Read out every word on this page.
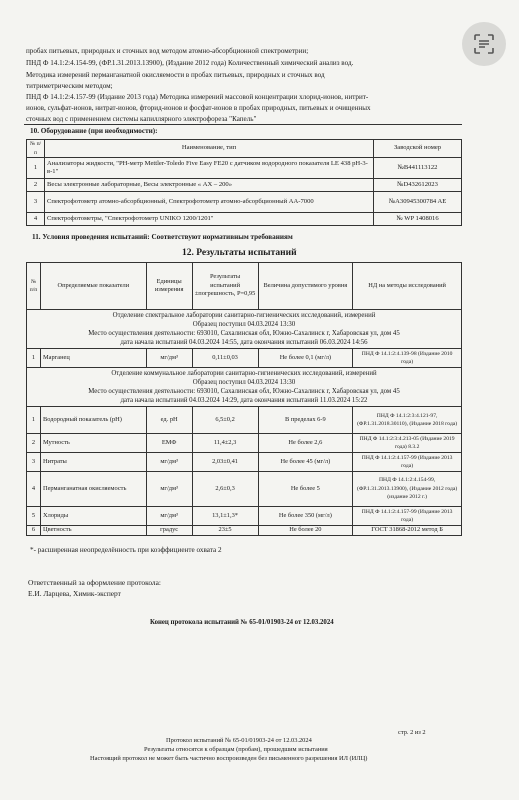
пробах питьевых, природных и сточных вод методом атомно-абсорбционной спектрометрии;
ПНД Ф 14.1:2:4.154-99, (ФР.1.31.2013.13900), (Издание 2012 года) Количественный химический анализ вод.
Методика измерений перманганатной окисляемости в пробах питьевых, природных и сточных вод
титриметрическим методом;
ПНД Ф 14.1:2:4.157-99 (Издание 2013 года) Методика измерений массовой концентрации хлорид-ионов, нитрит-
ионов, сульфат-ионов, нитрат-ионов, фторид-ионов и фосфат-ионов в пробах природных, питьевых и очищенных
сточных вод с применением системы капиллярного электрофореза "Капель"
10. Оборудование (при необходимости):
№ п/п	Наименование, тип	Заводской номер
1	Анализаторы жидкости, "PH-метр Mettler-Toledo Five Easy FE20 с датчиком водородного показателя LE 438 pH-3-в-1"	№B441113122
2	Весы электронные лабораторные, Весы электронные « AX – 200»	№D432612023
3	Спектрофотометр атомно-абсорбционный, Спектрофотометр атомно-абсорбционный АА-7000	№A30945300784 AE
4	Спектрофотометры, "Спектрофотометр UNIKO 1200/1201"	№ WP 1408016
11. Условия проведения испытаний: Соответствуют нормативным требованиям
12. Результаты испытаний
№ п/п	Определяемые показатели	Единицы измерения	Результаты испытаний ±погрешность, P=0,95	Величина допустимого уровня	НД на методы исследований

Отделение спектральное лаборатории санитарно-гигиенических исследований, измерений
Образец поступил 04.03.2024 13:30
Место осуществления деятельности: 693010, Сахалинская обл, Южно-Сахалинск г, Хабаровская ул, дом 45
дата начала испытаний 04.03.2024 14:55, дата окончания испытаний 06.03.2024 14:56					

1	Марганец	мг/дм³	0,11±0,03	Не более 0,1 (мг/л)	ПНД Ф 14.1:2:4.139-98 (Издание 2010 года)

Отделение коммунальное лаборатории санитарно-гигиенических исследований, измерений
Образец поступил 04.03.2024 13:30
Место осуществления деятельности: 693010, Сахалинская обл, Южно-Сахалинск г, Хабаровская ул, дом 45
дата начала испытаний 04.03.2024 14:29, дата окончания испытаний 11.03.2024 15:22					

1	Водородный показатель (pH)	ед. pH	6,5±0,2	В пределах 6-9	ПНД Ф 14.1:2:3:4.121-97, (ФР.1.31.2018.30110), (Издание 2018 года)
2	Мутность	ЕМФ	11,4±2,3	Не более 2,6	ПНД Ф 14.1:2:3:4.213-05 (Издание 2019 года) 8.3.2
3	Нитраты	мг/дм³	2,03±0,41	Не более 45 (мг/л)	ПНД Ф 14.1:2:4.157-99 (Издание 2013 года)
4	Перманганатная окисляемость	мг/дм³	2,6±0,3	Не более 5	ПНД Ф 14.1:2:4.154-99, (ФР.1.31.2013.13900), (Издание 2012 года) (издание 2012 г.)
5	Хлориды	мг/дм³	13,1±1,3*	Не более 350 (мг/л)	ПНД Ф 14.1:2:4.157-99 (Издание 2013 года)
6	Цветность	градус	23±5	Не более 20	ГОСТ 31868-2012 метод Б
*- расширенная неопределённость при коэффициенте охвата 2
Ответственный за оформление протокола:
Е.И. Ларцева, Химик-эксперт
Конец протокола испытаний № 65-01/01903-24 от 12.03.2024
стр. 2 из 2
Протокол испытаний № 65-01/01903-24 от 12.03.2024
Результаты относятся к образцам (пробам), прошедшим испытания
Настоящий протокол не может быть частично воспроизведен без письменного разрешения ИЛ (ИЛЦ)
